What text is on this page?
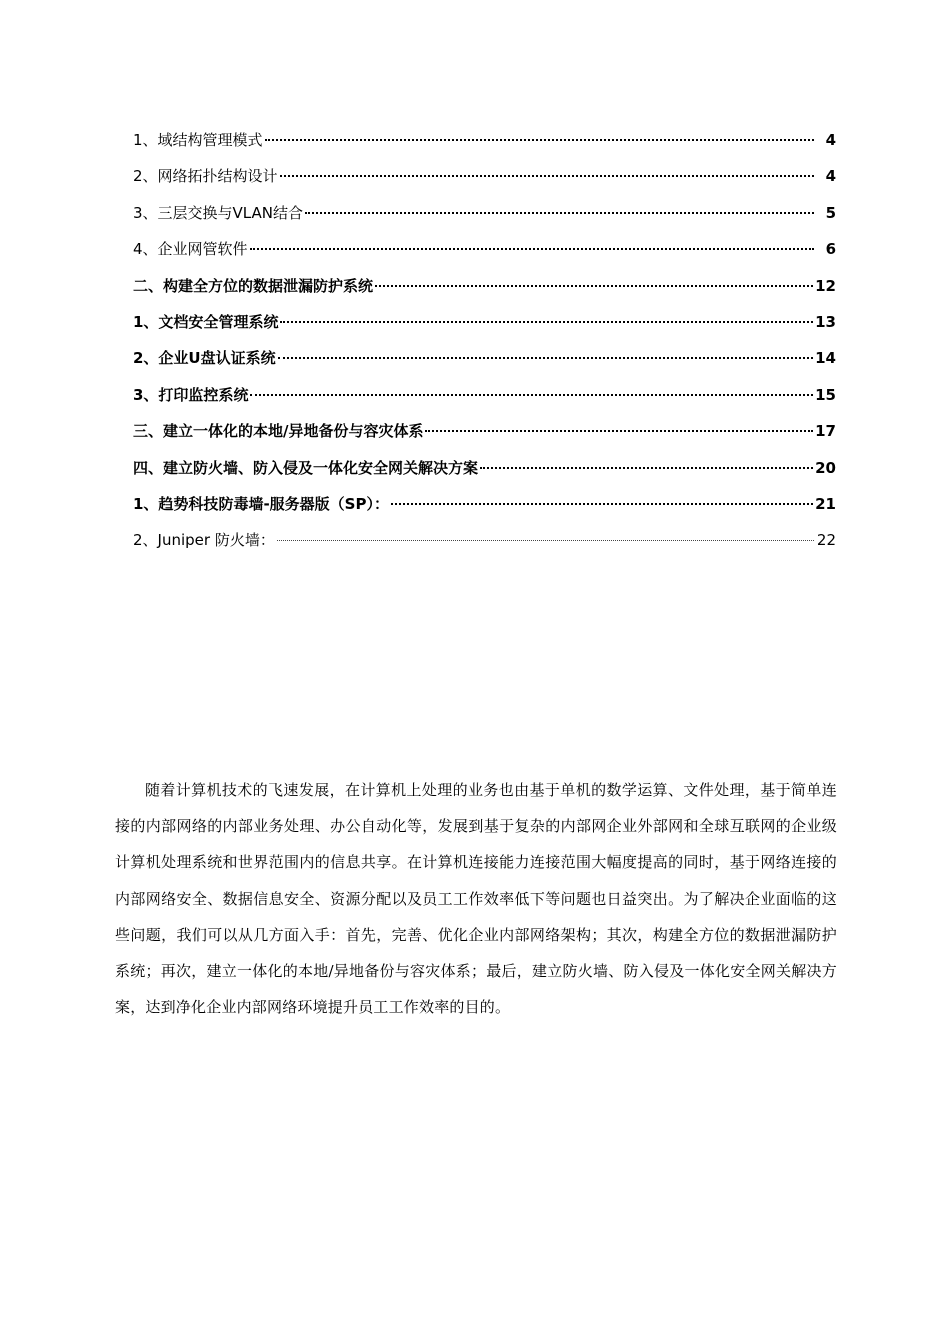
1、域结构管理模式	4
2、网络拓扑结构设计	4
3、三层交换与VLAN结合	5
4、企业网管软件	6
二、构建全方位的数据泄漏防护系统	12
1、文档安全管理系统	13
2、企业U盘认证系统	14
3、打印监控系统	15
三、建立一体化的本地/异地备份与容灾体系	17
四、建立防火墙、防入侵及一体化安全网关解决方案	20
1、趋势科技防毒墙-服务器版（SP）：	21
2、Juniper 防火墙：	22

随着计算机技术的飞速发展，在计算机上处理的业务也由基于单机的数学运算、文件处理，基于简单连接的内部网络的内部业务处理、办公自动化等，发展到基于复杂的内部网企业外部网和全球互联网的企业级计算机处理系统和世界范围内的信息共享。在计算机连接能力连接范围大幅度提高的同时，基于网络连接的内部网络安全、数据信息安全、资源分配以及员工工作效率低下等问题也日益突出。为了解决企业面临的这些问题，我们可以从几方面入手：首先，完善、优化企业内部网络架构；其次，构建全方位的数据泄漏防护系统；再次，建立一体化的本地/异地备份与容灾体系；最后，建立防火墙、防入侵及一体化安全网关解决方案，达到净化企业内部网络环境提升员工工作效率的目的。
